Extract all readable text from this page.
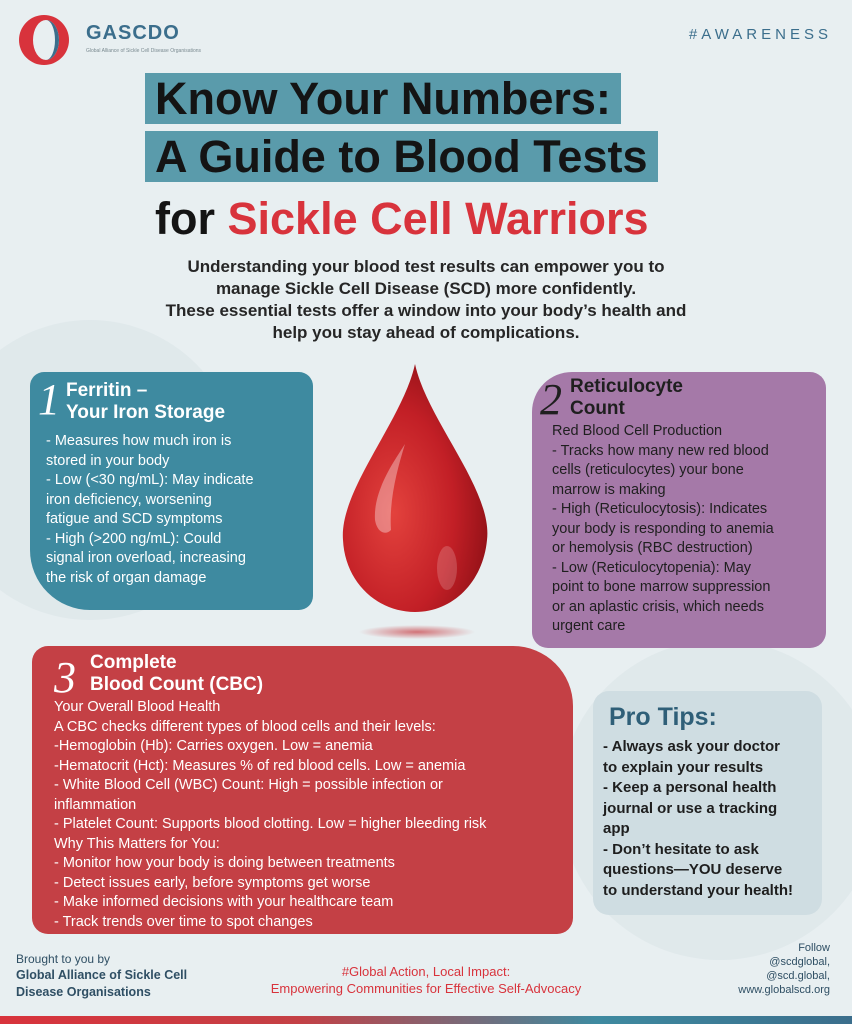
GASCDO
Global Alliance of Sickle Cell Disease Organisations
#AWARENESS
Know Your Numbers:
A Guide to Blood Tests
for Sickle Cell Warriors
Understanding your blood test results can empower you to
manage Sickle Cell Disease (SCD) more confidently.
These essential tests offer a window into your body’s health and
help you stay ahead of complications.
1 Ferritin –
Your Iron Storage
- Measures how much iron is
stored in your body
- Low (<30 ng/mL): May indicate
iron deficiency, worsening
fatigue and SCD symptoms
- High (>200 ng/mL): Could
signal iron overload, increasing
the risk of organ damage
2 Reticulocyte
Count
Red Blood Cell Production
- Tracks how many new red blood
cells (reticulocytes) your bone
marrow is making
- High (Reticulocytosis): Indicates
your body is responding to anemia
or hemolysis (RBC destruction)
- Low (Reticulocytopenia): May
point to bone marrow suppression
or an aplastic crisis, which needs
urgent care
3 Complete
Blood Count (CBC)
Your Overall Blood Health
A CBC checks different types of blood cells and their levels:
-Hemoglobin (Hb): Carries oxygen. Low = anemia
-Hematocrit (Hct): Measures % of red blood cells. Low = anemia
- White Blood Cell (WBC) Count: High = possible infection or
inflammation
- Platelet Count: Supports blood clotting. Low = higher bleeding risk
Why This Matters for You:
- Monitor how your body is doing between treatments
- Detect issues early, before symptoms get worse
- Make informed decisions with your healthcare team
- Track trends over time to spot changes
Pro Tips:
- Always ask your doctor
to explain your results
- Keep a personal health
journal or use a tracking
app
- Don’t hesitate to ask
questions—YOU deserve
to understand your health!
Brought to you by
Global Alliance of Sickle Cell Disease Organisations
#Global Action, Local Impact:
Empowering Communities for Effective Self-Advocacy
Follow
@scdglobal,
@scd.global,
www.globalscd.org
